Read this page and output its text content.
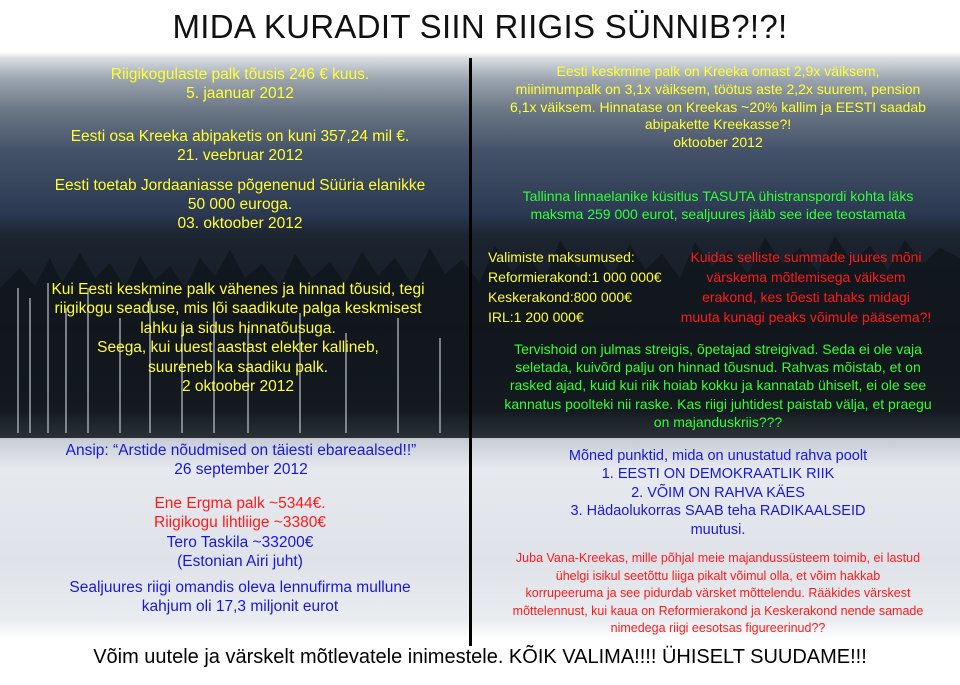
MIDA KURADIT SIIN RIIGIS SÜNNIB?!?!
Riigikogulaste palk tõusis 246 € kuus.
5. jaanuar 2012
Eesti osa Kreeka abipaketis on kuni 357,24 mil €.
21. veebruar 2012
Eesti toetab Jordaaniasse põgenenud Süüria elanikke
50 000 euroga.
03. oktoober 2012
Kui Eesti keskmine palk vähenes ja hinnad tõusid, tegi
riigikogu seaduse, mis lõi saadikute palga keskmisest
lahku ja sidus hinnatõusuga.
Seega, kui uuest aastast elekter kallineb,
suureneb ka saadiku palk.
2 oktoober 2012
Ansip: “Arstide nõudmised on täiesti ebareaalsed!!”
26 september 2012
Ene Ergma palk ~5344€.
Riigikogu lihtliige ~3380€
Tero Taskila ~33200€
(Estonian Airi juht)
Sealjuures riigi omandis oleva lennufirma mullune
kahjum oli 17,3 miljonit eurot
Eesti keskmine palk on Kreeka omast 2,9x väiksem,
miinimumpalk on 3,1x väiksem, töötus aste 2,2x suurem, pension
6,1x väiksem. Hinnatase on Kreekas ~20% kallim ja EESTI saadab
abipakette Kreekasse?!
oktoober 2012
Tallinna linnaelanike küsitlus TASUTA ühistranspordi kohta läks
maksma 259 000 eurot, sealjuures jääb see idee teostamata
Valimiste maksumused:
Reformierakond:1 000 000€
Keskerakond:800 000€
IRL:1 200 000€
Kuidas selliste summade juures mõni
värskema mõtlemisega väiksem
erakond, kes tõesti tahaks midagi
muuta kunagi peaks võimule pääsema?!
Tervishoid on julmas streigis, õpetajad streigivad. Seda ei ole vaja
seletada, kuivõrd palju on hinnad tõusnud. Rahvas mõistab, et on
rasked ajad, kuid kui riik hoiab kokku ja kannatab ühiselt, ei ole see
kannatus poolteki nii raske. Kas riigi juhtidest paistab välja, et praegu
on majanduskriis???
Mõned punktid, mida on unustatud rahva poolt
1. EESTI ON DEMOKRAATLIK RIIK
2. VÕIM ON RAHVA KÄES
3. Hädaolukorras SAAB teha RADIKAALSEID
muutusi.
Juba Vana-Kreekas, mille põhjal meie majandussüsteem toimib, ei lastud
ühelgi isikul seetõttu liiga pikalt võimul olla, et võim hakkab
korrupeeruma ja see pidurdab värsket mõttelendu. Rääkides värskest
mõttelennust, kui kaua on Reformierakond ja Keskerakond nende samade
nimedega riigi eesotsas figureerinud??
Võim uutele ja värskelt mõtlevatele inimestele. KÕIK VALIMA!!!! ÜHISELT SUUDAME!!!
